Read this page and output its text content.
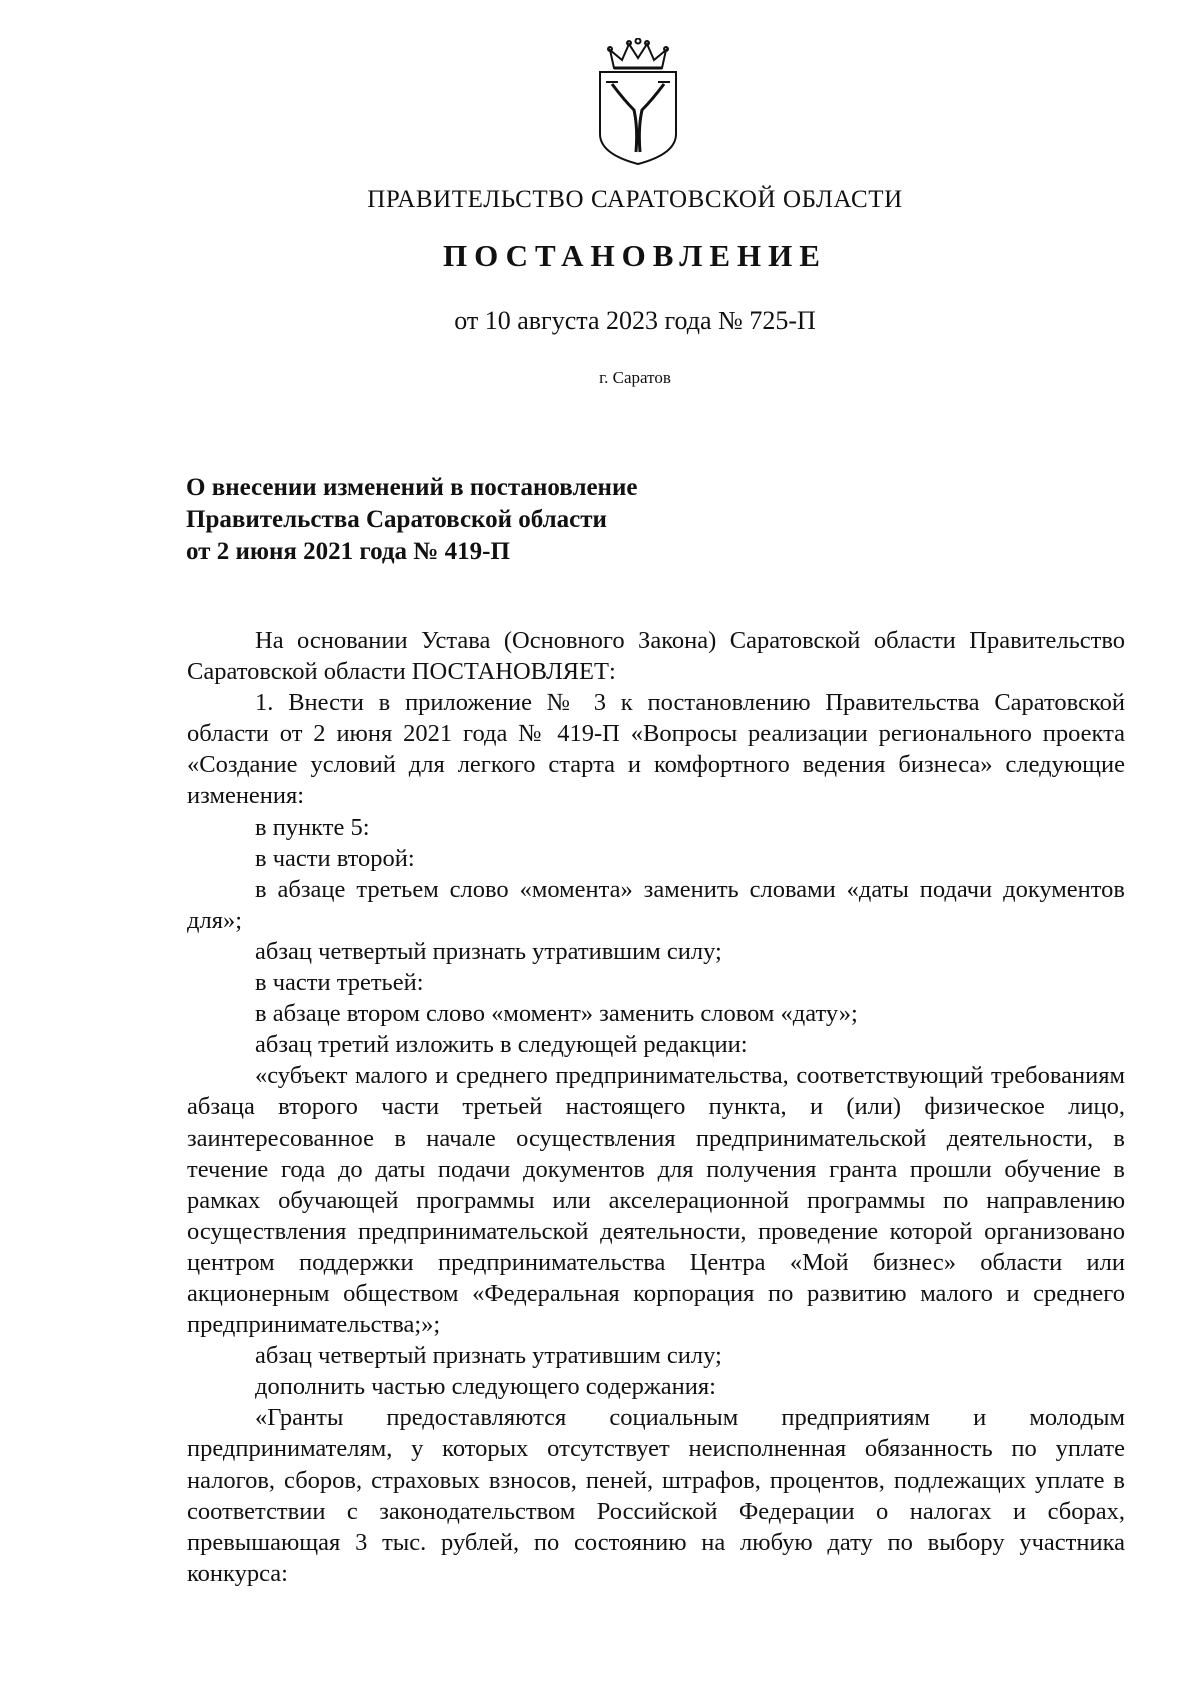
ПРАВИТЕЛЬСТВО САРАТОВСКОЙ ОБЛАСТИ
ПОСТАНОВЛЕНИЕ
от 10 августа 2023 года № 725-П
г. Саратов
О внесении изменений в постановление
Правительства Саратовской области
от 2 июня 2021 года № 419-П

На основании Устава (Основного Закона) Саратовской области Правительство Саратовской области ПОСТАНОВЛЯЕТ:

1. Внести в приложение № 3 к постановлению Правительства Саратовской области от 2 июня 2021 года № 419-П «Вопросы реализации регионального проекта «Создание условий для легкого старта и комфортного ведения бизнеса» следующие изменения:

в пункте 5:

в части второй:

в абзаце третьем слово «момента» заменить словами «даты подачи документов для»;

абзац четвертый признать утратившим силу;

в части третьей:

в абзаце втором слово «момент» заменить словом «дату»;

абзац третий изложить в следующей редакции:

«субъект малого и среднего предпринимательства, соответствующий требованиям абзаца второго части третьей настоящего пункта, и (или) физическое лицо, заинтересованное в начале осуществления предпринимательской деятельности, в течение года до даты подачи документов для получения гранта прошли обучение в рамках обучающей программы или акселерационной программы по направлению осуществления предпринимательской деятельности, проведение которой организовано центром поддержки предпринимательства Центра «Мой бизнес» области или акционерным обществом «Федеральная корпорация по развитию малого и среднего предпринимательства;»;

абзац четвертый признать утратившим силу;

дополнить частью следующего содержания:

«Гранты предоставляются социальным предприятиям и молодым предпринимателям, у которых отсутствует неисполненная обязанность по уплате налогов, сборов, страховых взносов, пеней, штрафов, процентов, подлежащих уплате в соответствии с законодательством Российской Федерации о налогах и сборах, превышающая 3 тыс. рублей, по состоянию на любую дату по выбору участника конкурса:
